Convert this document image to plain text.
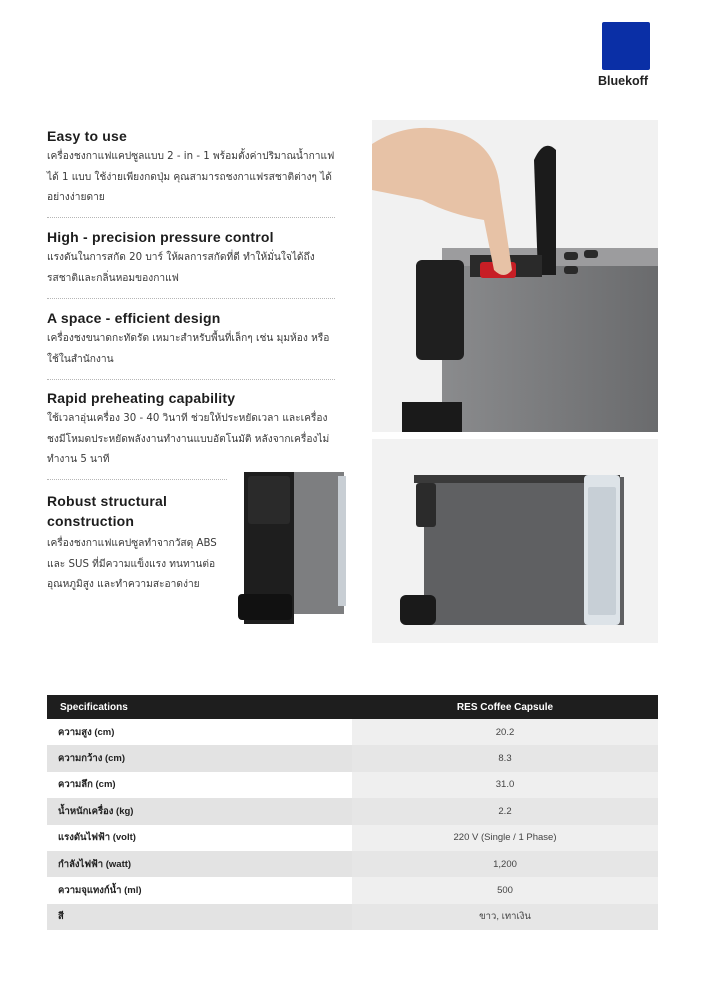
Bluekoff
Easy to use

เครื่องชงกาแฟแคปซูลแบบ 2 - in - 1 พร้อมตั้งค่าปริมาณน้ำกาแฟได้ 1 แบบ ใช้ง่ายเพียงกดปุ่ม คุณสามารถชงกาแฟรสชาติต่างๆ ได้อย่างง่ายดาย

High - precision pressure control

แรงดันในการสกัด 20 บาร์ ให้ผลการสกัดที่ดี ทำให้มั่นใจได้ถึงรสชาติและกลิ่นหอมของกาแฟ

A space - efficient design

เครื่องชงขนาดกะทัดรัด เหมาะสำหรับพื้นที่เล็กๆ เช่น มุมห้อง หรือใช้ในสำนักงาน

Rapid preheating capability

ใช้เวลาอุ่นเครื่อง 30 - 40 วินาที ช่วยให้ประหยัดเวลา และเครื่องชงมีโหมดประหยัดพลังงานทำงานแบบอัตโนมัติ หลังจากเครื่องไม่ทำงาน 5 นาที

Robust structural construction

เครื่องชงกาแฟแคปซูลทำจากวัสดุ ABS และ SUS ที่มีความแข็งแรง ทนทานต่ออุณหภูมิสูง และทำความสะอาดง่าย

Specifications	RES Coffee Capsule
ความสูง (cm)	20.2
ความกว้าง (cm)	8.3
ความลึก (cm)	31.0
น้ำหนักเครื่อง (kg)	2.2
แรงดันไฟฟ้า (volt)	220 V (Single / 1 Phase)
กำลังไฟฟ้า (watt)	1,200
ความจุแทงก์น้ำ (ml)	500
สี	ขาว, เทาเงิน
